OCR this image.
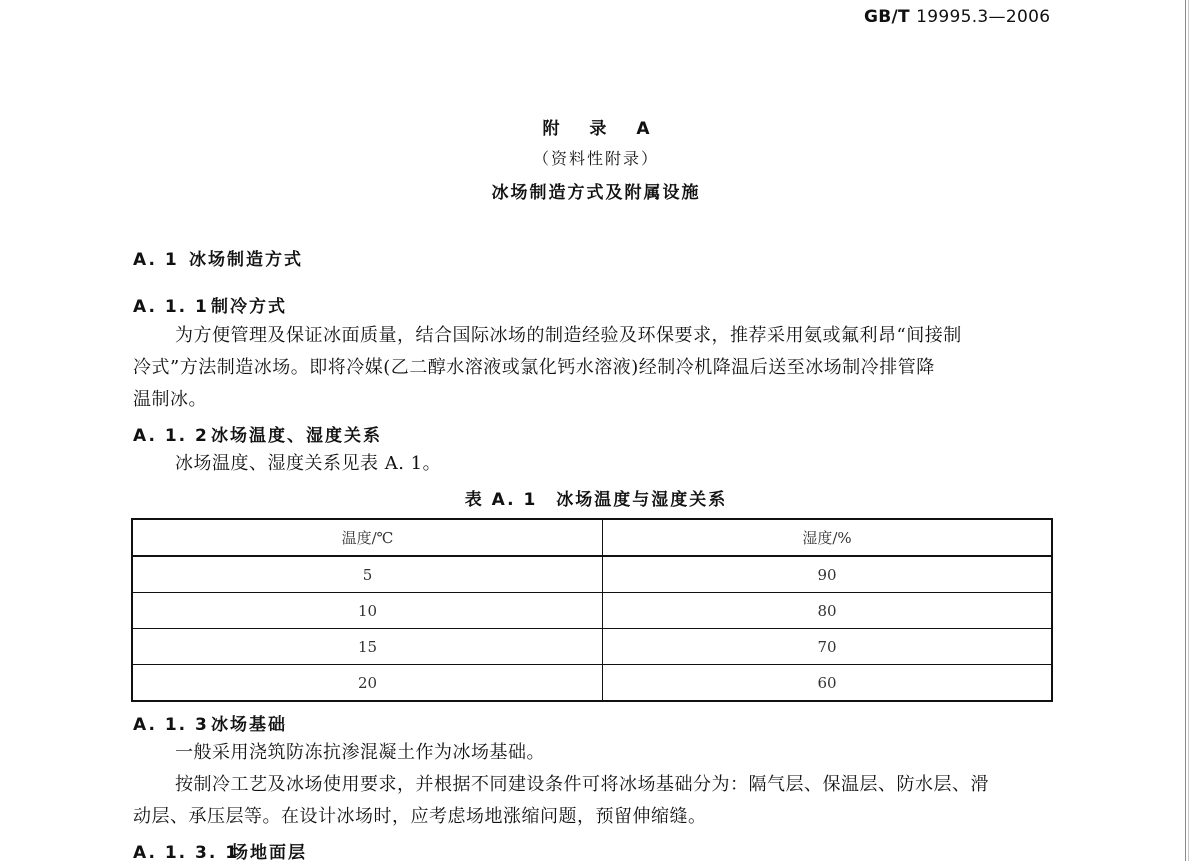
GB/T 19995.3—2006
附 录 A
（资料性附录）
冰场制造方式及附属设施
A. 1 冰场制造方式
A. 1. 1 制冷方式
为方便管理及保证冰面质量，结合国际冰场的制造经验及环保要求，推荐采用氨或氟利昂“间接制
冷式”方法制造冰场。即将冷媒(乙二醇水溶液或氯化钙水溶液)经制冷机降温后送至冰场制冷排管降
温制冰。
A. 1. 2 冰场温度、湿度关系
冰场温度、湿度关系见表 A. 1。
表 A. 1　冰场温度与湿度关系
温度/℃	湿度/%
5	90
10	80
15	70
20	60
A. 1. 3 冰场基础
一般采用浇筑防冻抗渗混凝土作为冰场基础。
按制冷工艺及冰场使用要求，并根据不同建设条件可将冰场基础分为：隔气层、保温层、防水层、滑
动层、承压层等。在设计冰场时，应考虑场地涨缩问题，预留伸缩缝。
A. 1. 3. 1场地面层
